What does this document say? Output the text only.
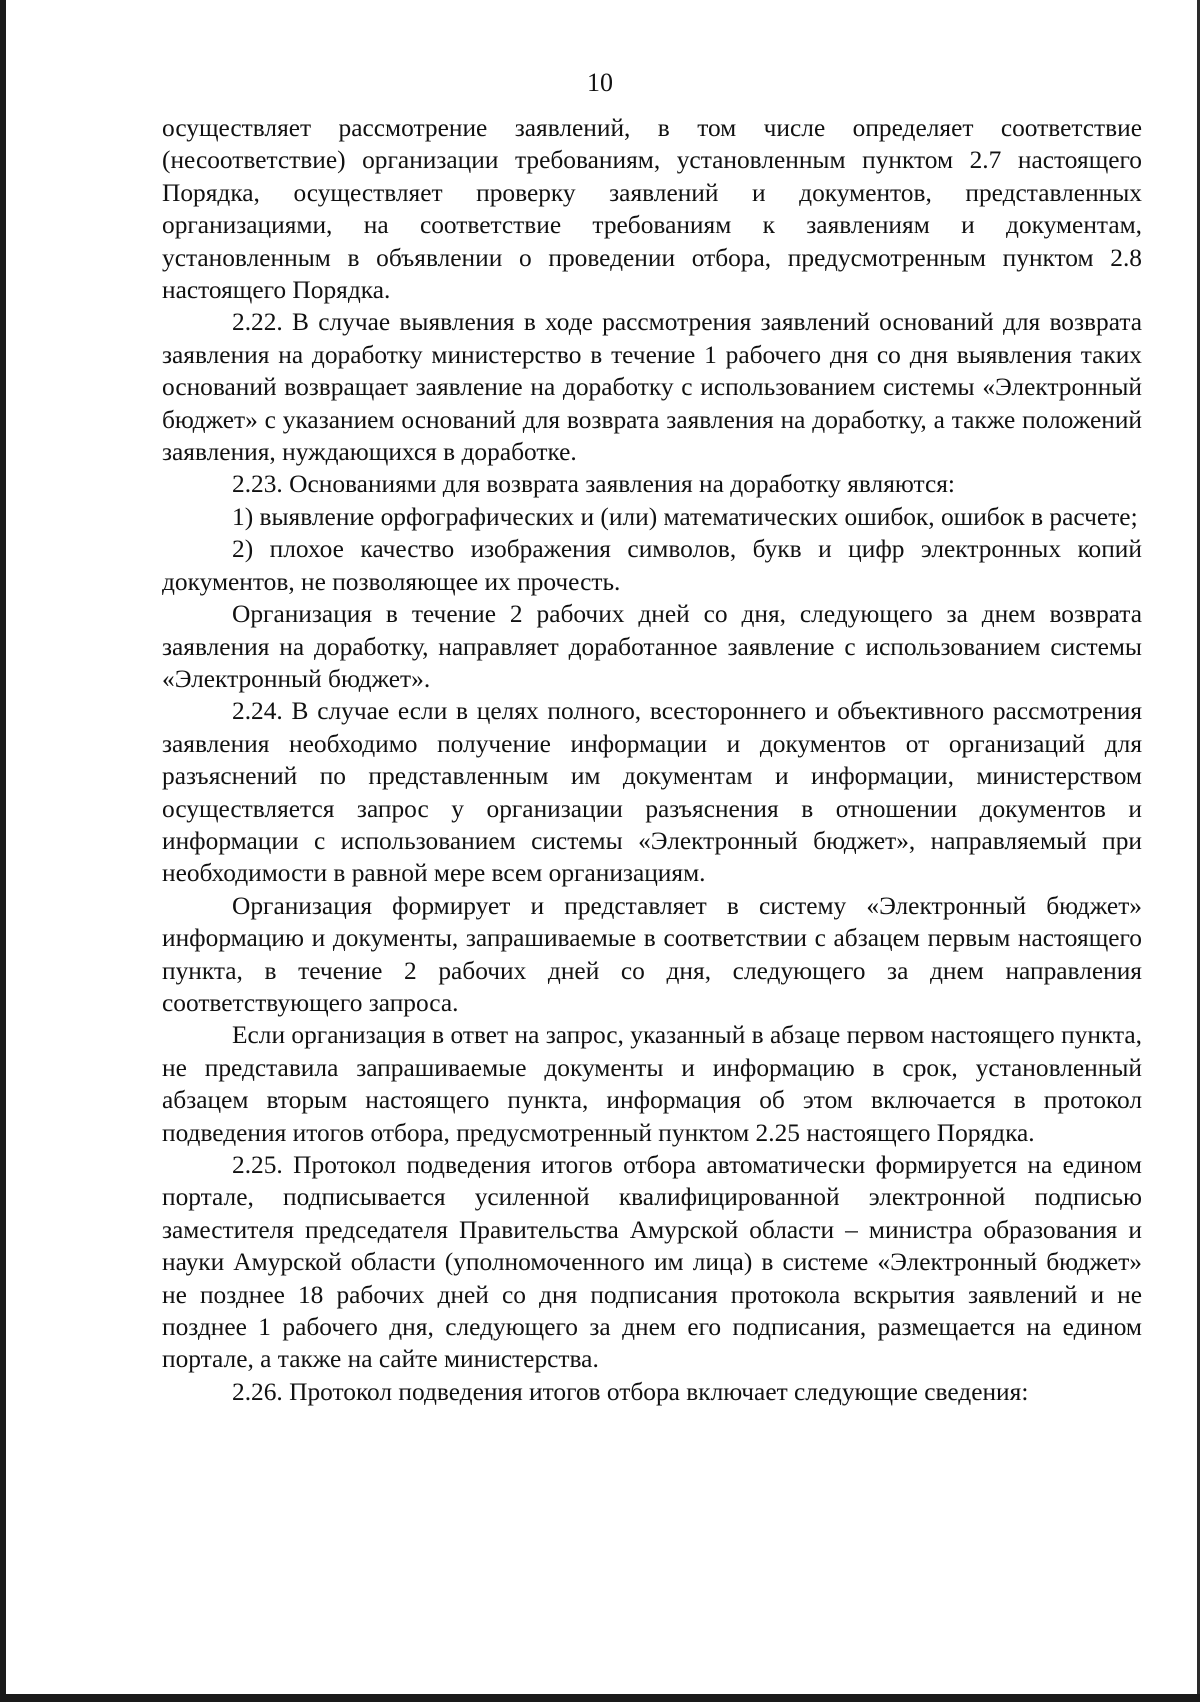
10

осуществляет рассмотрение заявлений, в том числе определяет соответствие (несоответствие) организации требованиям, установленным пунктом 2.7 настоящего Порядка, осуществляет проверку заявлений и документов, представленных организациями, на соответствие требованиям к заявлениям и документам, установленным в объявлении о проведении отбора, предусмотренным пунктом 2.8 настоящего Порядка.

2.22. В случае выявления в ходе рассмотрения заявлений оснований для возврата заявления на доработку министерство в течение 1 рабочего дня со дня выявления таких оснований возвращает заявление на доработку с использованием системы «Электронный бюджет» с указанием оснований для возврата заявления на доработку, а также положений заявления, нуждающихся в доработке.

2.23. Основаниями для возврата заявления на доработку являются:

1) выявление орфографических и (или) математических ошибок, ошибок в расчете;

2) плохое качество изображения символов, букв и цифр электронных копий документов, не позволяющее их прочесть.

Организация в течение 2 рабочих дней со дня, следующего за днем возврата заявления на доработку, направляет доработанное заявление с использованием системы «Электронный бюджет».

2.24. В случае если в целях полного, всестороннего и объективного рассмотрения заявления необходимо получение информации и документов от организаций для разъяснений по представленным им документам и информации, министерством осуществляется запрос у организации разъяснения в отношении документов и информации с использованием системы «Электронный бюджет», направляемый при необходимости в равной мере всем организациям.

Организация формирует и представляет в систему «Электронный бюджет» информацию и документы, запрашиваемые в соответствии с абзацем первым настоящего пункта, в течение 2 рабочих дней со дня, следующего за днем направления соответствующего запроса.

Если организация в ответ на запрос, указанный в абзаце первом настоящего пункта, не представила запрашиваемые документы и информацию в срок, установленный абзацем вторым настоящего пункта, информация об этом включается в протокол подведения итогов отбора, предусмотренный пунктом 2.25 настоящего Порядка.

2.25. Протокол подведения итогов отбора автоматически формируется на едином портале, подписывается усиленной квалифицированной электронной подписью заместителя председателя Правительства Амурской области – министра образования и науки Амурской области (уполномоченного им лица) в системе «Электронный бюджет» не позднее 18 рабочих дней со дня подписания протокола вскрытия заявлений и не позднее 1 рабочего дня, следующего за днем его подписания, размещается на едином портале, а также на сайте министерства.

2.26. Протокол подведения итогов отбора включает следующие сведения:
